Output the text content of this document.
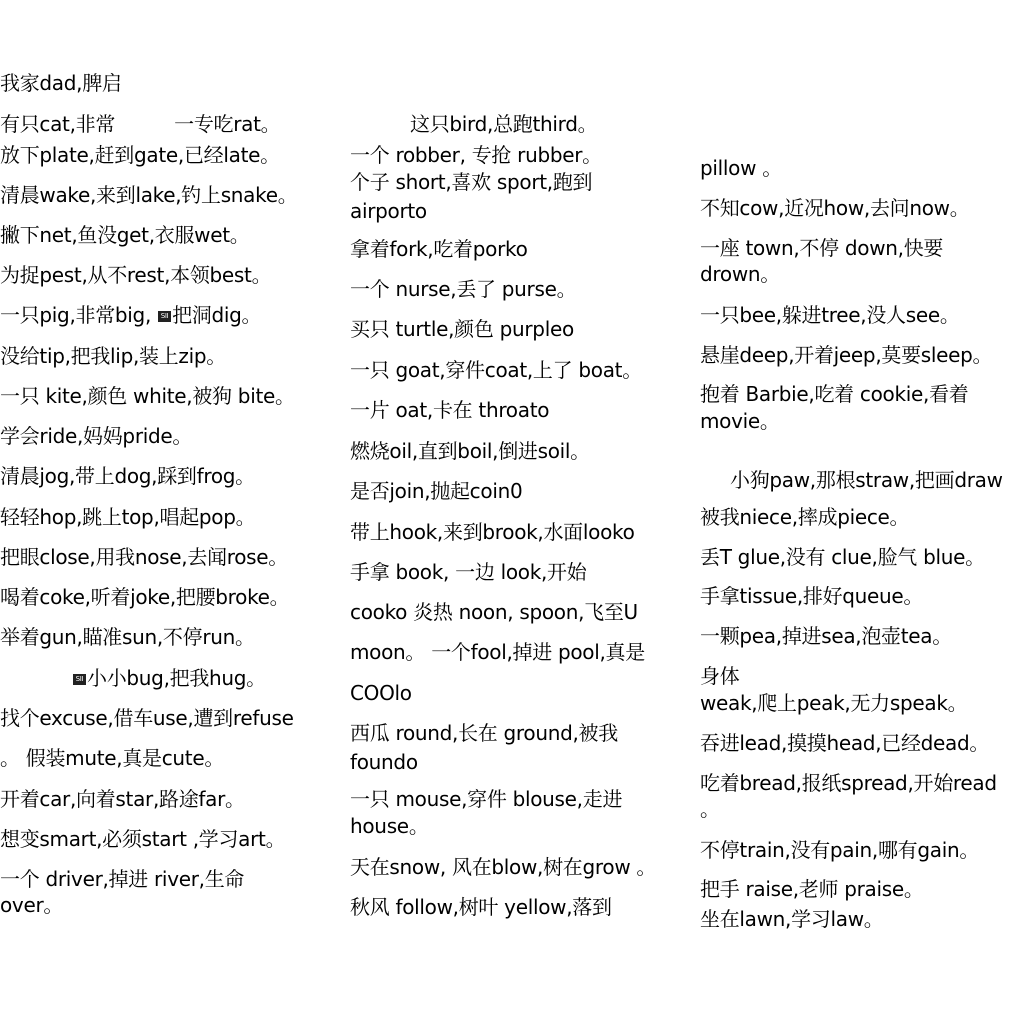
我家dad,脾启
有只cat,非常　　　一专吃rat。
放下plate,赶到gate,已经late。
清晨wake,来到lake,钓上snake。
撇下net,鱼没get,衣服wet。
为捉pest,从不rest,本领best。
一只pig,非常big, SII 把洞dig。
没给tip,把我lip,装上zip。
一只 kite,颜色 white,被狗 bite。
学会ride,妈妈pride。
清晨jog,带上dog,踩到frog。
轻轻hop,跳上top,唱起pop。
把眼close,用我nose,去闻rose。
喝着coke,听着joke,把腰broke。
举着gun,瞄准sun,不停run。
SII 小小bug,把我hug。
找个excuse,借车use,遭到refuse
。 假装mute,真是cute。
开着car,向着star,路途far。
想变smart,必须start ,学习art。
一个 driver,掉进 river,生命
over。
这只bird,总跑third。
一个 robber, 专抢 rubber。
个子 short,喜欢 sport,跑到
airporto
拿着fork,吃着porko
一个 nurse,丢了 purse。
买只 turtle,颜色 purpleo
一只 goat,穿件coat,上了 boat。
一片 oat,卡在 throato
燃烧oil,直到boil,倒进soil。
是否join,抛起coin0
带上hook,来到brook,水面looko
手拿 book, 一边 look,开始
cooko 炎热 noon, spoon,飞至U
moon。 一个fool,掉进 pool,真是
COOlo
西瓜 round,长在 ground,被我
foundo
一只 mouse,穿件 blouse,走进
house。
天在snow, 风在blow,树在grow 。
秋风 follow,树叶 yellow,落到
pillow 。
不知cow,近况how,去问now。
一座 town,不停 down,快要
drown。
一只bee,躲进tree,没人see。
悬崖deep,开着jeep,莫要sleep。
抱着 Barbie,吃着 cookie,看着
movie。
小狗paw,那根straw,把画draw
被我niece,摔成piece。
丢T glue,没有 clue,脸气 blue。
手拿tissue,排好queue。
一颗pea,掉进sea,泡壶tea。
身体
weak,爬上peak,无力speak。
吞进lead,摸摸head,已经dead。
吃着bread,报纸spread,开始read
。
不停train,没有pain,哪有gain。
把手 raise,老师 praise。
坐在lawn,学习law。
